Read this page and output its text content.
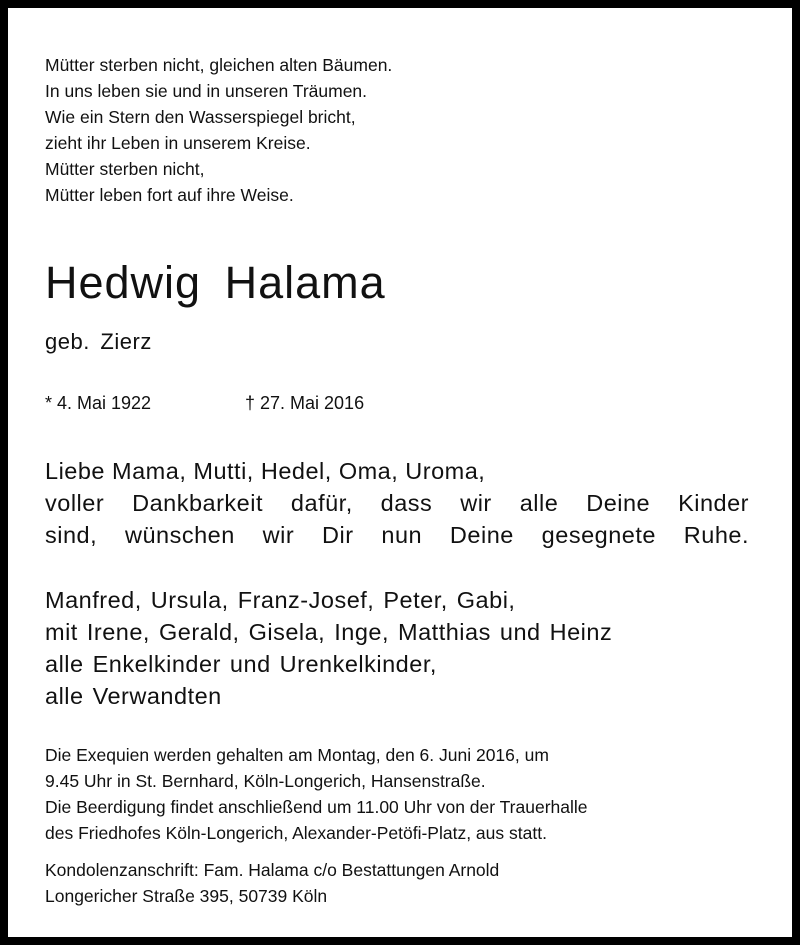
Mütter sterben nicht, gleichen alten Bäumen.
In uns leben sie und in unseren Träumen.
Wie ein Stern den Wasserspiegel bricht,
zieht ihr Leben in unserem Kreise.
Mütter sterben nicht,
Mütter leben fort auf ihre Weise.
Hedwig Halama
geb. Zierz
* 4. Mai 1922	† 27. Mai 2016
Liebe Mama, Mutti, Hedel, Oma, Uroma,
voller Dankbarkeit dafür, dass wir alle Deine Kinder
sind, wünschen wir Dir nun Deine gesegnete Ruhe.
Manfred, Ursula, Franz-Josef, Peter, Gabi,
mit Irene, Gerald, Gisela, Inge, Matthias und Heinz
alle Enkelkinder und Urenkelkinder,
alle Verwandten
Die Exequien werden gehalten am Montag, den 6. Juni 2016, um
9.45 Uhr in St. Bernhard, Köln-Longerich, Hansenstraße.
Die Beerdigung findet anschließend um 11.00 Uhr von der Trauerhalle
des Friedhofes Köln-Longerich, Alexander-Petöfi-Platz, aus statt.
Kondolenzanschrift: Fam. Halama c/o Bestattungen Arnold
Longericher Straße 395, 50739 Köln
